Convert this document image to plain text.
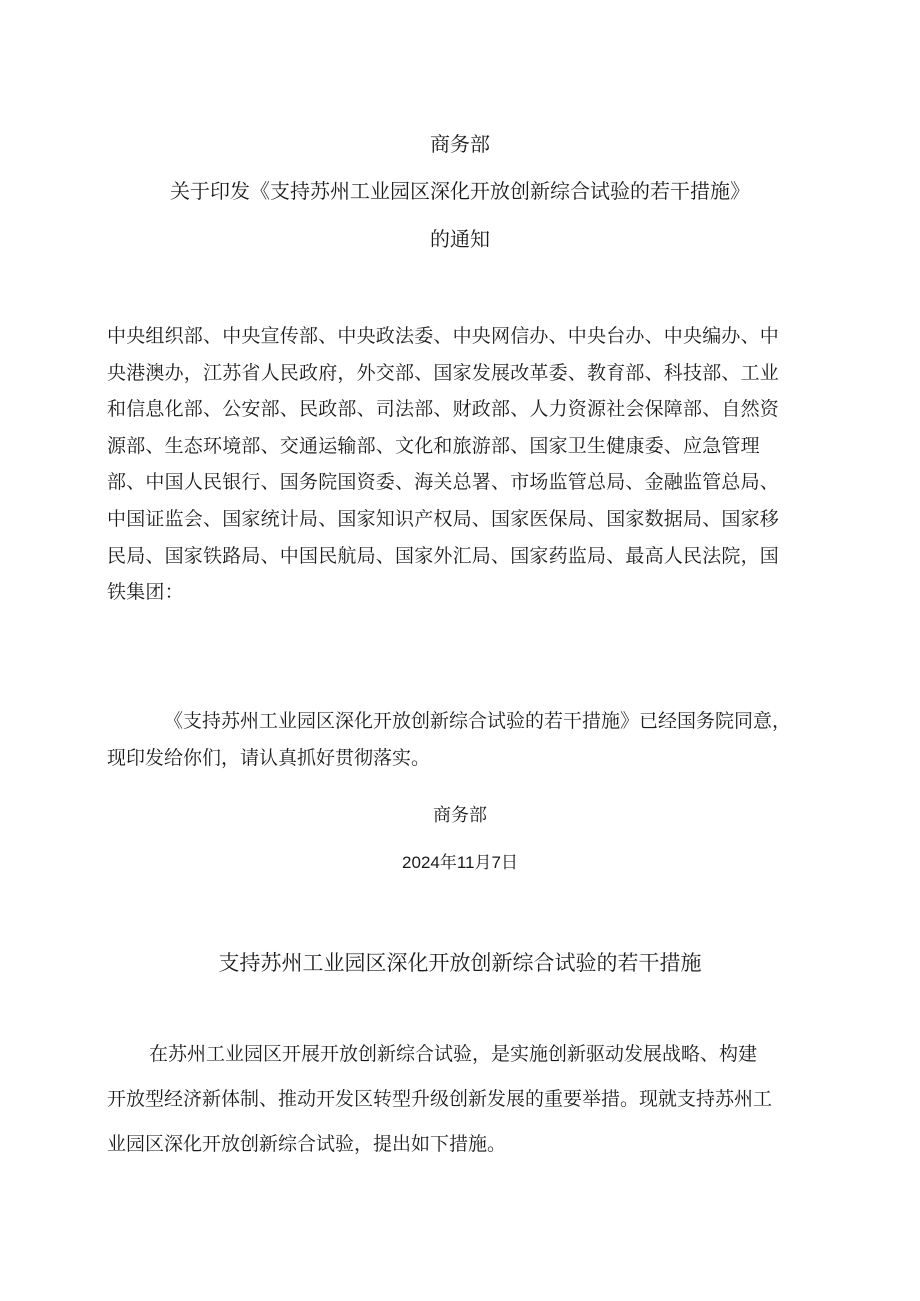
商务部
关于印发《支持苏州工业园区深化开放创新综合试验的若干措施》
的通知
中央组织部、中央宣传部、中央政法委、中央网信办、中央台办、中央编办、中
央港澳办，江苏省人民政府，外交部、国家发展改革委、教育部、科技部、工业
和信息化部、公安部、民政部、司法部、财政部、人力资源社会保障部、自然资
源部、生态环境部、交通运输部、文化和旅游部、国家卫生健康委、应急管理
部、中国人民银行、国务院国资委、海关总署、市场监管总局、金融监管总局、
中国证监会、国家统计局、国家知识产权局、国家医保局、国家数据局、国家移
民局、国家铁路局、中国民航局、国家外汇局、国家药监局、最高人民法院，国
铁集团：
《支持苏州工业园区深化开放创新综合试验的若干措施》已经国务院同意，
现印发给你们，请认真抓好贯彻落实。
商务部
2024年11月7日
支持苏州工业园区深化开放创新综合试验的若干措施
在苏州工业园区开展开放创新综合试验，是实施创新驱动发展战略、构建
开放型经济新体制、推动开发区转型升级创新发展的重要举措。现就支持苏州工
业园区深化开放创新综合试验，提出如下措施。
